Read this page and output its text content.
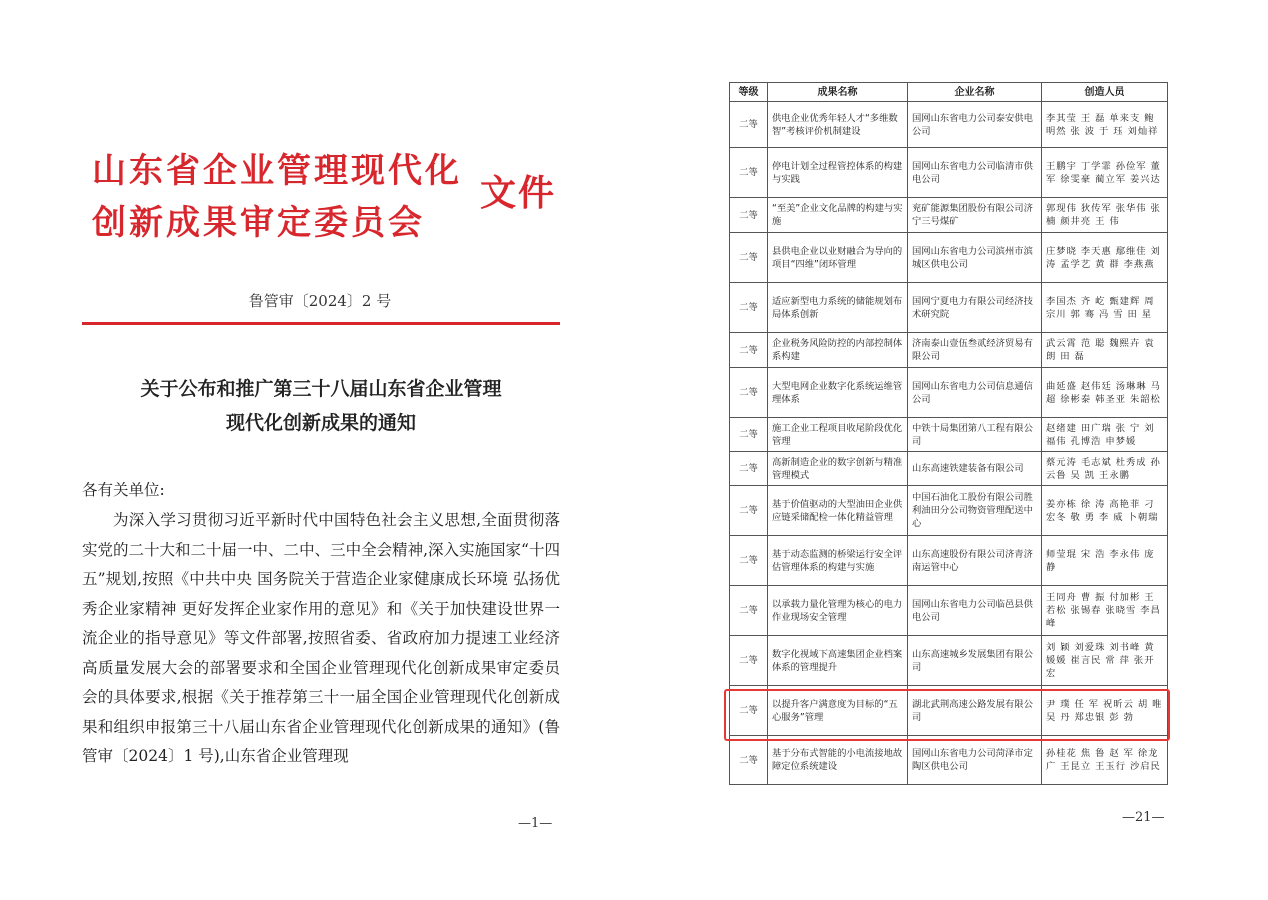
山东省企业管理现代化
创新成果审定委员会
文件
鲁管审〔2024〕2 号
关于公布和推广第三十八届山东省企业管理
现代化创新成果的通知
各有关单位:
为深入学习贯彻习近平新时代中国特色社会主义思想,全面贯彻落实党的二十大和二十届一中、二中、三中全会精神,深入实施国家“十四五”规划,按照《中共中央 国务院关于营造企业家健康成长环境 弘扬优秀企业家精神 更好发挥企业家作用的意见》和《关于加快建设世界一流企业的指导意见》等文件部署,按照省委、省政府加力提速工业经济高质量发展大会的部署要求和全国企业管理现代化创新成果审定委员会的具体要求,根据《关于推荐第三十一届全国企业管理现代化创新成果和组织申报第三十八届山东省企业管理现代化创新成果的通知》(鲁管审〔2024〕1 号),山东省企业管理现
—1—
等级	成果名称	企业名称	创造人员
二等	供电企业优秀年轻人才“多维数智”考核评价机制建设	国网山东省电力公司泰安供电公司	李其莹 王 磊 单来支 鲍明然 张 波 于 珏 刘灿祥
二等	停电计划全过程管控体系的构建与实践	国网山东省电力公司临清市供电公司	王鹏宇 丁学霏 孙俭军 董 军 徐雯豪 蔺立军 姜兴达
二等	“至美”企业文化品牌的构建与实施	兖矿能源集团股份有限公司济宁三号煤矿	郭现伟 狄传军 张华伟 张 楠 颜井亮 王 伟
二等	县供电企业以业财融合为导向的项目“四维”闭环管理	国网山东省电力公司滨州市滨城区供电公司	庄梦晓 李天惠 鄢维佳 刘 涛 孟学艺 黄 群 李燕燕
二等	适应新型电力系统的储能规划布局体系创新	国网宁夏电力有限公司经济技术研究院	李国杰 齐 屹 甄建辉 周宗川 郭 骞 冯 雪 田 星
二等	企业税务风险防控的内部控制体系构建	济南泰山壹伍叁贰经济贸易有限公司	武云霄 范 聪 魏熙卉 袁 朗 田 磊
二等	大型电网企业数字化系统运维管理体系	国网山东省电力公司信息通信公司	曲延盛 赵伟廷 汤琳琳 马 超 徐彬泰 韩圣亚 朱韶松
二等	施工企业工程项目收尾阶段优化管理	中铁十局集团第八工程有限公司	赵绪建 田广瑞 张 宁 刘福伟 孔博浩 申梦媛
二等	高新制造企业的数字创新与精准管理模式	山东高速铁建装备有限公司	蔡元涛 毛志斌 杜秀成 孙云鲁 吴 凯 王永鹏
二等	基于价值驱动的大型油田企业供应链采储配检一体化精益管理	中国石油化工股份有限公司胜利油田分公司物资管理配送中心	姜亦栋 徐 涛 高艳菲 刁宏冬 敬 勇 李 威 卜朝瑞
二等	基于动态监测的桥梁运行安全评估管理体系的构建与实施	山东高速股份有限公司济青济南运管中心	师莹琨 宋 浩 李永伟 庞 静
二等	以承载力量化管理为核心的电力作业现场安全管理	国网山东省电力公司临邑县供电公司	王同舟 曹 振 付加彬 王若松 张锡春 张晓雪 李昌峰
二等	数字化视域下高速集团企业档案体系的管理提升	山东高速城乡发展集团有限公司	刘 颖 刘爱珠 刘书峰 黄媛媛 崔言民 常 萍 张开宏
二等	以提升客户满意度为目标的“五心服务”管理	湖北武荆高速公路发展有限公司	尹 璞 任 军 祝昕云 胡 唯 吴 丹 郑忠银 彭 勃
二等	基于分布式智能的小电流接地故障定位系统建设	国网山东省电力公司菏泽市定陶区供电公司	孙桂花 焦 鲁 赵 军 徐龙广 王昆立 王玉行 沙启民
—21—
